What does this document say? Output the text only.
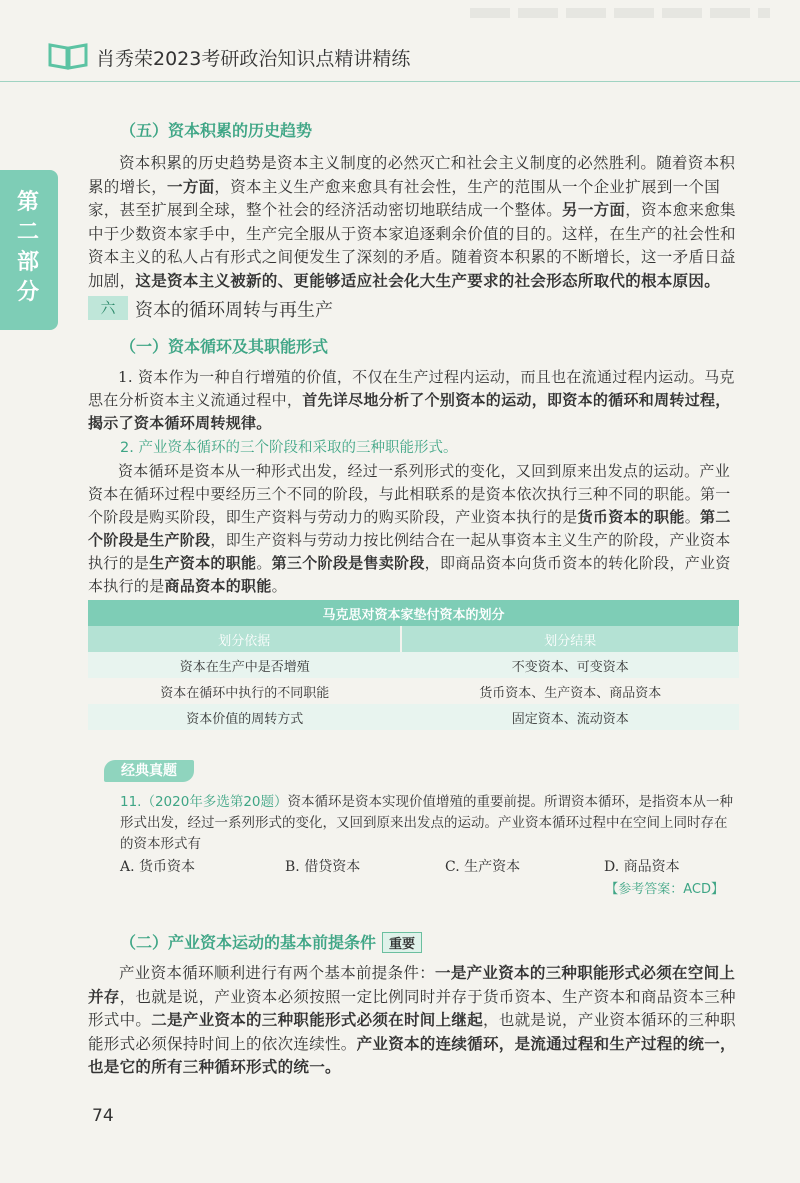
肖秀荣2023考研政治知识点精讲精练
第二部分
（五）资本积累的历史趋势
资本积累的历史趋势是资本主义制度的必然灭亡和社会主义制度的必然胜利。随着资本积累的增长，一方面，资本主义生产愈来愈具有社会性，生产的范围从一个企业扩展到一个国家，甚至扩展到全球，整个社会的经济活动密切地联结成一个整体。另一方面，资本愈来愈集中于少数资本家手中，生产完全服从于资本家追逐剩余价值的目的。这样，在生产的社会性和资本主义的私人占有形式之间便发生了深刻的矛盾。随着资本积累的不断增长，这一矛盾日益加剧，这是资本主义被新的、更能够适应社会化大生产要求的社会形态所取代的根本原因。
六	资本的循环周转与再生产
（一）资本循环及其职能形式
1. 资本作为一种自行增殖的价值，不仅在生产过程内运动，而且也在流通过程内运动。马克思在分析资本主义流通过程中，首先详尽地分析了个别资本的运动，即资本的循环和周转过程，揭示了资本循环周转规律。
2. 产业资本循环的三个阶段和采取的三种职能形式。
资本循环是资本从一种形式出发，经过一系列形式的变化，又回到原来出发点的运动。产业资本在循环过程中要经历三个不同的阶段，与此相联系的是资本依次执行三种不同的职能。第一个阶段是购买阶段，即生产资料与劳动力的购买阶段，产业资本执行的是货币资本的职能。第二个阶段是生产阶段，即生产资料与劳动力按比例结合在一起从事资本主义生产的阶段，产业资本执行的是生产资本的职能。第三个阶段是售卖阶段，即商品资本向货币资本的转化阶段，产业资本执行的是商品资本的职能。
马克思对资本家垫付资本的划分	
划分依据	划分结果
资本在生产中是否增殖	不变资本、可变资本
资本在循环中执行的不同职能	货币资本、生产资本、商品资本
资本价值的周转方式	固定资本、流动资本
经典真题
11.（2020年多选第20题）资本循环是资本实现价值增殖的重要前提。所谓资本循环，是指资本从一种形式出发，经过一系列形式的变化，又回到原来出发点的运动。产业资本循环过程中在空间上同时存在的资本形式有
A. 货币资本	B. 借贷资本	C. 生产资本	D. 商品资本
【参考答案：ACD】
（二）产业资本运动的基本前提条件 重要
产业资本循环顺利进行有两个基本前提条件：一是产业资本的三种职能形式必须在空间上并存，也就是说，产业资本必须按照一定比例同时并存于货币资本、生产资本和商品资本三种形式中。二是产业资本的三种职能形式必须在时间上继起，也就是说，产业资本循环的三种职能形式必须保持时间上的依次连续性。产业资本的连续循环，是流通过程和生产过程的统一，也是它的所有三种循环形式的统一。
74
